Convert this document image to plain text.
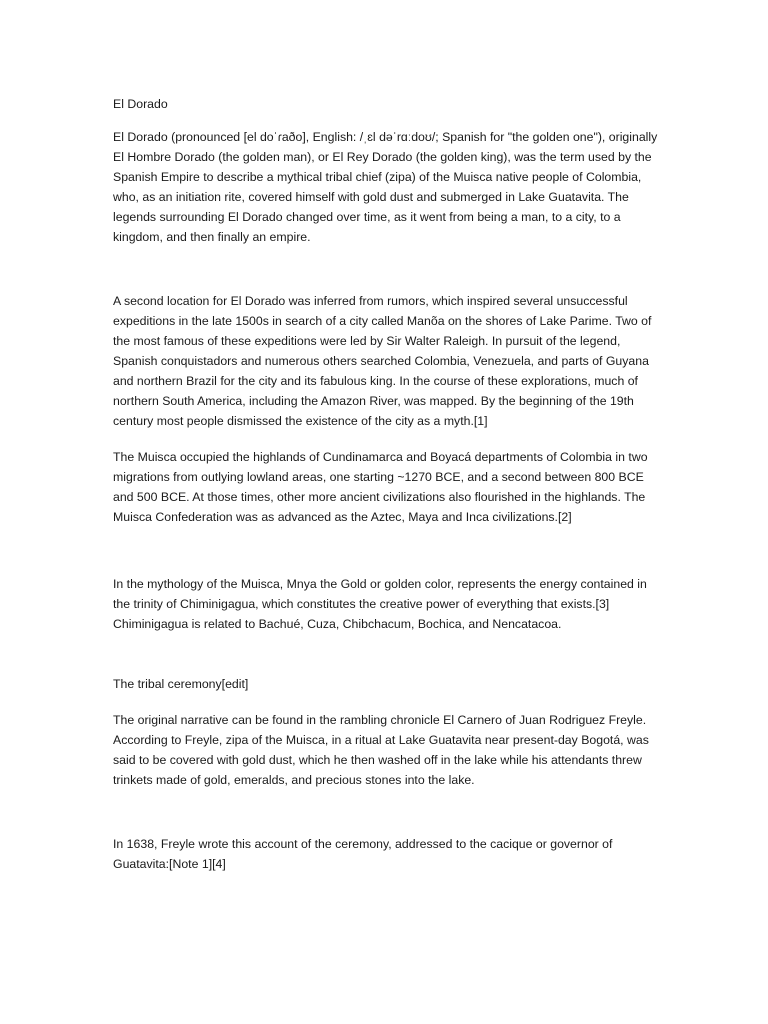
El Dorado

El Dorado (pronounced [el doˈɾaðo], English: /ˌɛl dəˈrɑːdoʊ/; Spanish for "the golden one"), originally El Hombre Dorado (the golden man), or El Rey Dorado (the golden king), was the term used by the Spanish Empire to describe a mythical tribal chief (zipa) of the Muisca native people of Colombia, who, as an initiation rite, covered himself with gold dust and submerged in Lake Guatavita. The legends surrounding El Dorado changed over time, as it went from being a man, to a city, to a kingdom, and then finally an empire.

A second location for El Dorado was inferred from rumors, which inspired several unsuccessful expeditions in the late 1500s in search of a city called Manõa on the shores of Lake Parime. Two of the most famous of these expeditions were led by Sir Walter Raleigh. In pursuit of the legend, Spanish conquistadors and numerous others searched Colombia, Venezuela, and parts of Guyana and northern Brazil for the city and its fabulous king. In the course of these explorations, much of northern South America, including the Amazon River, was mapped. By the beginning of the 19th century most people dismissed the existence of the city as a myth.[1]

The Muisca occupied the highlands of Cundinamarca and Boyacá departments of Colombia in two migrations from outlying lowland areas, one starting ~1270 BCE, and a second between 800 BCE and 500 BCE. At those times, other more ancient civilizations also flourished in the highlands. The Muisca Confederation was as advanced as the Aztec, Maya and Inca civilizations.[2]

In the mythology of the Muisca, Mnya the Gold or golden color, represents the energy contained in the trinity of Chiminigagua, which constitutes the creative power of everything that exists.[3] Chiminigagua is related to Bachué, Cuza, Chibchacum, Bochica, and Nencatacoa.

The tribal ceremony[edit]

The original narrative can be found in the rambling chronicle El Carnero of Juan Rodriguez Freyle. According to Freyle, zipa of the Muisca, in a ritual at Lake Guatavita near present-day Bogotá, was said to be covered with gold dust, which he then washed off in the lake while his attendants threw trinkets made of gold, emeralds, and precious stones into the lake.

In 1638, Freyle wrote this account of the ceremony, addressed to the cacique or governor of Guatavita:[Note 1][4]
